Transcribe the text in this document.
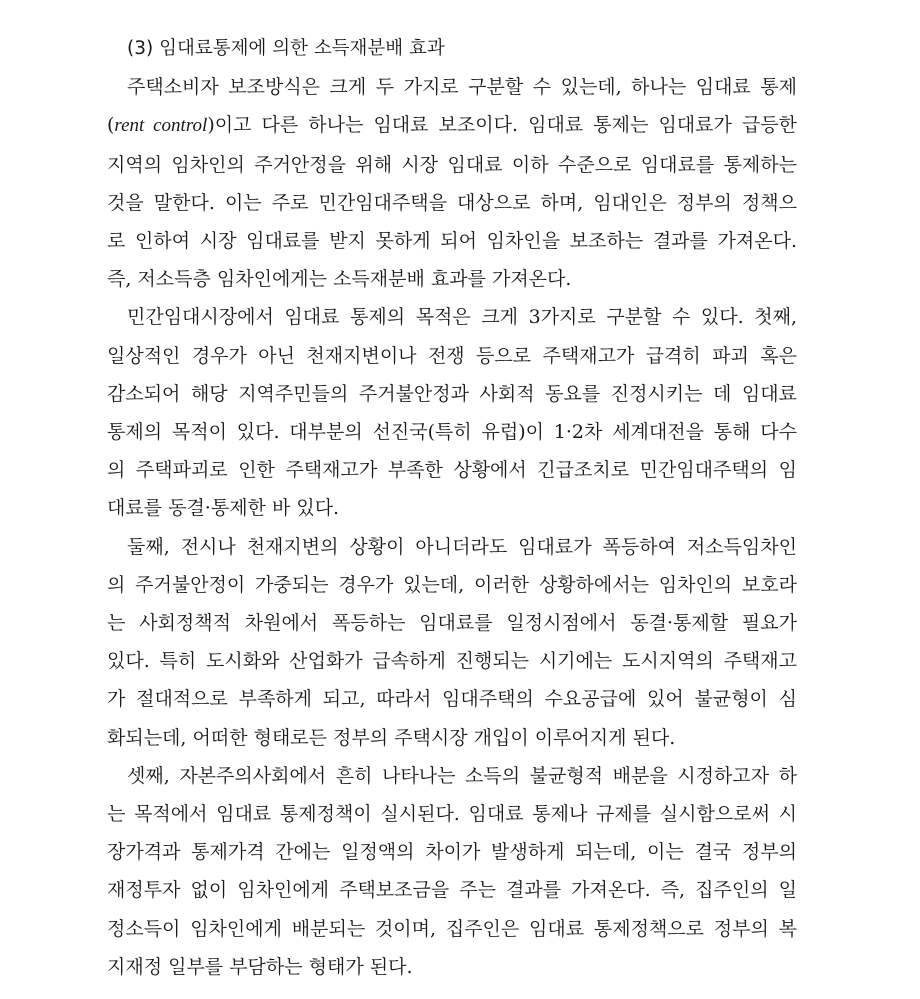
(3) 임대료통제에 의한 소득재분배 효과

주택소비자 보조방식은 크게 두 가지로 구분할 수 있는데, 하나는 임대료 통제
(rent control)이고 다른 하나는 임대료 보조이다. 임대료 통제는 임대료가 급등한
지역의 임차인의 주거안정을 위해 시장 임대료 이하 수준으로 임대료를 통제하는
것을 말한다. 이는 주로 민간임대주택을 대상으로 하며, 임대인은 정부의 정책으
로 인하여 시장 임대료를 받지 못하게 되어 임차인을 보조하는 결과를 가져온다.
즉, 저소득층 임차인에게는 소득재분배 효과를 가져온다.

민간임대시장에서 임대료 통제의 목적은 크게 3가지로 구분할 수 있다. 첫째,
일상적인 경우가 아닌 천재지변이나 전쟁 등으로 주택재고가 급격히 파괴 혹은
감소되어 해당 지역주민들의 주거불안정과 사회적 동요를 진정시키는 데 임대료
통제의 목적이 있다. 대부분의 선진국(특히 유럽)이 1·2차 세계대전을 통해 다수
의 주택파괴로 인한 주택재고가 부족한 상황에서 긴급조치로 민간임대주택의 임
대료를 동결·통제한 바 있다.

둘째, 전시나 천재지변의 상황이 아니더라도 임대료가 폭등하여 저소득임차인
의 주거불안정이 가중되는 경우가 있는데, 이러한 상황하에서는 임차인의 보호라
는 사회정책적 차원에서 폭등하는 임대료를 일정시점에서 동결·통제할 필요가
있다. 특히 도시화와 산업화가 급속하게 진행되는 시기에는 도시지역의 주택재고
가 절대적으로 부족하게 되고, 따라서 임대주택의 수요공급에 있어 불균형이 심
화되는데, 어떠한 형태로든 정부의 주택시장 개입이 이루어지게 된다.

셋째, 자본주의사회에서 흔히 나타나는 소득의 불균형적 배분을 시정하고자 하
는 목적에서 임대료 통제정책이 실시된다. 임대료 통제나 규제를 실시함으로써 시
장가격과 통제가격 간에는 일정액의 차이가 발생하게 되는데, 이는 결국 정부의
재정투자 없이 임차인에게 주택보조금을 주는 결과를 가져온다. 즉, 집주인의 일
정소득이 임차인에게 배분되는 것이며, 집주인은 임대료 통제정책으로 정부의 복
지재정 일부를 부담하는 형태가 된다.
